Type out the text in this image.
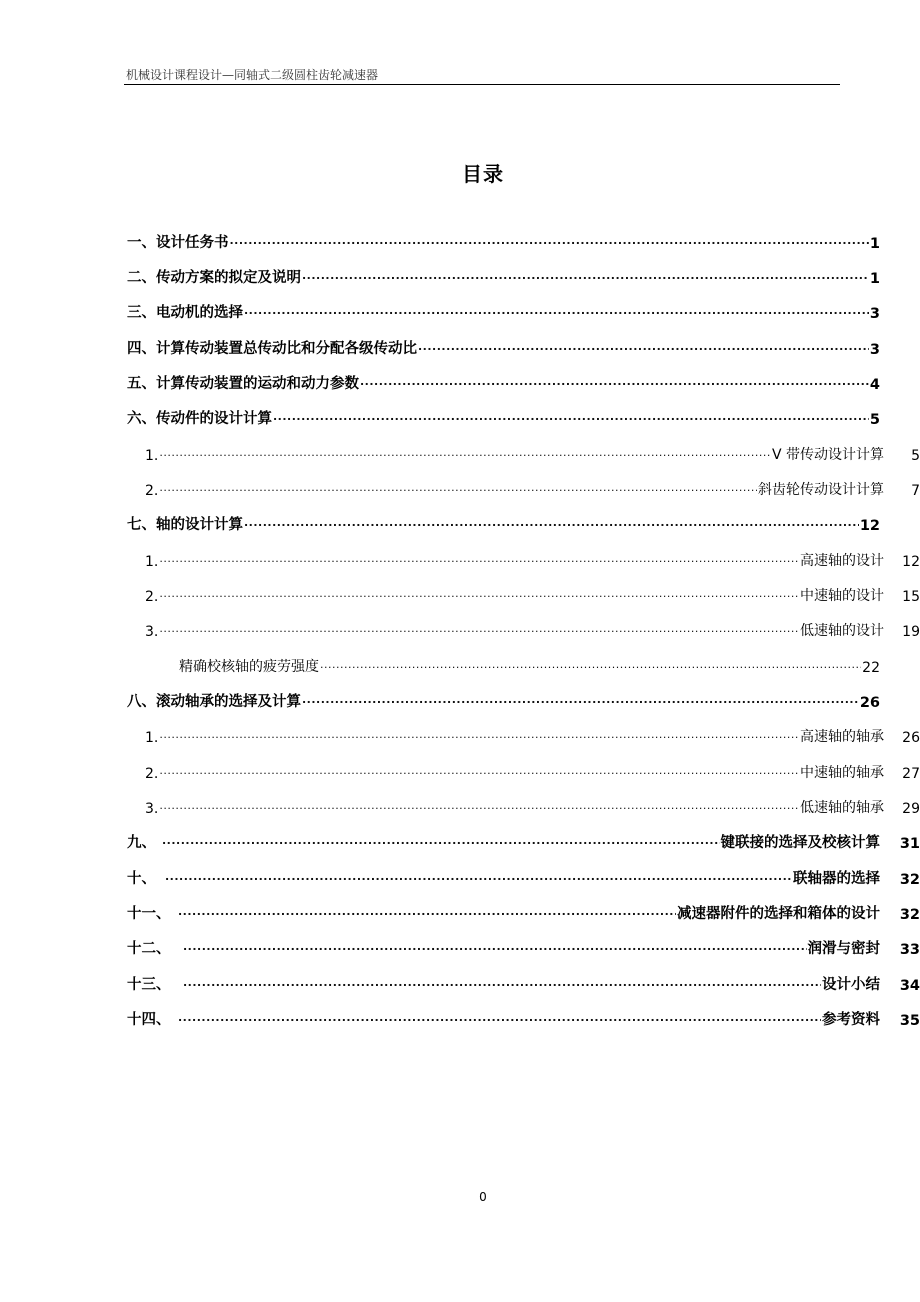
机械设计课程设计—同轴式二级圆柱齿轮减速器
目录
一、设计任务书 .....	1
二、传动方案的拟定及说明 .....	1
三、电动机的选择 .....	3
四、计算传动装置总传动比和分配各级传动比 .....	3
五、计算传动装置的运动和动力参数 .....	4
六、传动件的设计计算 .....	5
1. .....	V 带传动设计计算	5
2. .....	斜齿轮传动设计计算	7
七、轴的设计计算 .....	12
1. .....	高速轴的设计	12
2. .....	中速轴的设计	15
3. .....	低速轴的设计	19
精确校核轴的疲劳强度 .....	22
八、滚动轴承的选择及计算 .....	26
1. .....	高速轴的轴承	26
2. .....	中速轴的轴承	27
3. .....	低速轴的轴承	29
九、 .....	键联接的选择及校核计算	31
十、 .....	联轴器的选择	32
十一、 .....	减速器附件的选择和箱体的设计	32
十二、 .....	润滑与密封	33
十三、 .....	设计小结	34
十四、 .....	参考资料	35
0
